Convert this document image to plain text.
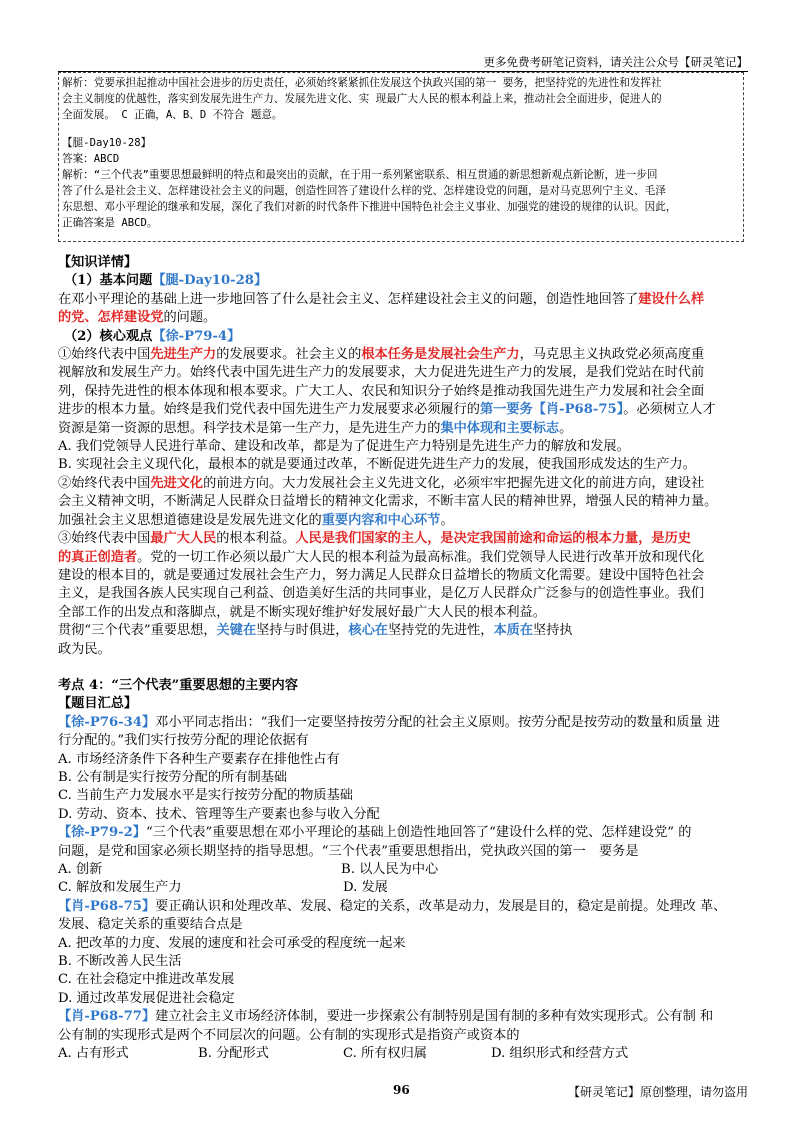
更多免费考研笔记资料，请关注公众号【研灵笔记】

解析：党要承担起推动中国社会进步的历史责任，必须始终紧紧抓住发展这个执政兴国的第一 要务，把坚持党的先进性和发挥社

会主义制度的优越性，落实到发展先进生产力、发展先进文化、实 现最广大人民的根本利益上来，推动社会全面进步，促进人的

全面发展。 C 正确，A、B、D 不符合 题意。

【腿-Day10-28】

答案：ABCD

解析：“三个代表”重要思想最鲜明的特点和最突出的贡献，在于用一系列紧密联系、相互贯通的新思想新观点新论断，进一步回

答了什么是社会主义、怎样建设社会主义的问题，创造性回答了建设什么样的党、怎样建设党的问题，是对马克思列宁主义、毛泽

东思想、邓小平理论的继承和发展，深化了我们对新的时代条件下推进中国特色社会主义事业、加强党的建设的规律的认识。因此，

正确答案是 ABCD。

【知识详情】

（1）基本问题【腿-Day10-28】

在邓小平理论的基础上进一步地回答了什么是社会主义、怎样建设社会主义的问题，创造性地回答了建设什么样

的党、怎样建设党的问题。

（2）核心观点【徐-P79-4】

①始终代表中国先进生产力的发展要求。社会主义的根本任务是发展社会生产力，马克思主义执政党必须高度重

视解放和发展生产力。始终代表中国先进生产力的发展要求，大力促进先进生产力的发展，是我们党站在时代前

列，保持先进性的根本体现和根本要求。广大工人、农民和知识分子始终是推动我国先进生产力发展和社会全面

进步的根本力量。始终是我们党代表中国先进生产力发展要求必须履行的第一要务【肖-P68-75】。必须树立人才

资源是第一资源的思想。科学技术是第一生产力，是先进生产力的集中体现和主要标志。

A. 我们党领导人民进行革命、建设和改革，都是为了促进生产力特别是先进生产力的解放和发展。

B. 实现社会主义现代化，最根本的就是要通过改革，不断促进先进生产力的发展，使我国形成发达的生产力。

②始终代表中国先进文化的前进方向。大力发展社会主义先进文化，必须牢牢把握先进文化的前进方向，建设社

会主义精神文明，不断满足人民群众日益增长的精神文化需求，不断丰富人民的精神世界，增强人民的精神力量。

加强社会主义思想道德建设是发展先进文化的重要内容和中心环节。

③始终代表中国最广大人民的根本利益。人民是我们国家的主人，是决定我国前途和命运的根本力量，是历史

的真正创造者。党的一切工作必须以最广大人民的根本利益为最高标准。我们党领导人民进行改革开放和现代化

建设的根本目的，就是要通过发展社会生产力，努力满足人民群众日益增长的物质文化需要。建设中国特色社会

主义，是我国各族人民实现自己利益、创造美好生活的共同事业，是亿万人民群众广泛参与的创造性事业。我们

全部工作的出发点和落脚点，就是不断实现好维护好发展好最广大人民的根本利益。

贯彻“三个代表”重要思想，关键在坚持与时俱进，核心在坚持党的先进性，本质在坚持执

政为民。

考点 4：“三个代表”重要思想的主要内容

【题目汇总】

【徐-P76-34】邓小平同志指出：“我们一定要坚持按劳分配的社会主义原则。按劳分配是按劳动的数量和质量 进

行分配的。”我们实行按劳分配的理论依据有

A. 市场经济条件下各种生产要素存在排他性占有

B. 公有制是实行按劳分配的所有制基础

C. 当前生产力发展水平是实行按劳分配的物质基础

D. 劳动、资本、技术、管理等生产要素也参与收入分配

【徐-P79-2】“三个代表”重要思想在邓小平理论的基础上创造性地回答了“建设什么样的党、怎样建设党” 的

问题，是党和国家必须长期坚持的指导思想。“三个代表”重要思想指出，党执政兴国的第一　要务是

A. 创新	B. 以人民为中心

C. 解放和发展生产力	D. 发展

【肖-P68-75】要正确认识和处理改革、发展、稳定的关系，改革是动力，发展是目的，稳定是前提。处理改 革、

发展、稳定关系的重要结合点是

A. 把改革的力度、发展的速度和社会可承受的程度统一起来

B. 不断改善人民生活

C. 在社会稳定中推进改革发展

D. 通过改革发展促进社会稳定

【肖-P68-77】建立社会主义市场经济体制，要进一步探索公有制特别是国有制的多种有效实现形式。公有制 和

公有制的实现形式是两个不同层次的问题。公有制的实现形式是指资产或资本的

A. 占有形式	B. 分配形式	C. 所有权归属	D. 组织形式和经营方式

96	【研灵笔记】原创整理，请勿盗用
